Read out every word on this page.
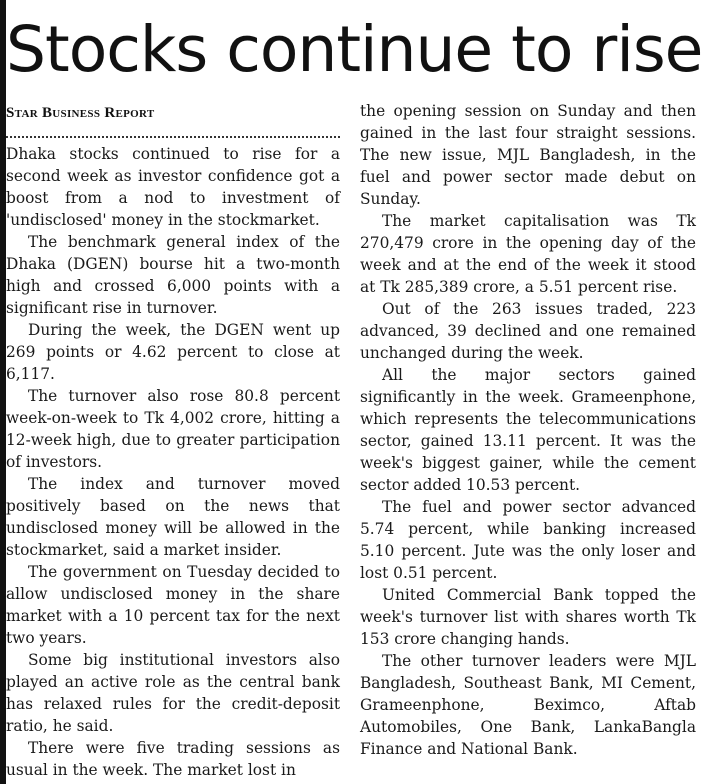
Stocks continue to rise
Star Business Report

Dhaka stocks continued to rise for a second week as investor confidence got a boost from a nod to investment of 'undisclosed' money in the stockmarket.

The benchmark general index of the Dhaka (DGEN) bourse hit a two-month high and crossed 6,000 points with a significant rise in turnover.

During the week, the DGEN went up 269 points or 4.62 percent to close at 6,117.

The turnover also rose 80.8 percent week-on-week to Tk 4,002 crore, hitting a 12-week high, due to greater participation of investors.

The index and turnover moved positively based on the news that undisclosed money will be allowed in the stockmarket, said a market insider.

The government on Tuesday decided to allow undisclosed money in the share market with a 10 percent tax for the next two years.

Some big institutional investors also played an active role as the central bank has relaxed rules for the credit-deposit ratio, he said.

There were five trading sessions as usual in the week. The market lost in

the opening session on Sunday and then gained in the last four straight sessions. The new issue, MJL Bangladesh, in the fuel and power sector made debut on Sunday.

The market capitalisation was Tk 270,479 crore in the opening day of the week and at the end of the week it stood at Tk 285,389 crore, a 5.51 percent rise.

Out of the 263 issues traded, 223 advanced, 39 declined and one remained unchanged during the week.

All the major sectors gained significantly in the week. Grameenphone, which represents the telecommunications sector, gained 13.11 percent. It was the week's biggest gainer, while the cement sector added 10.53 percent.

The fuel and power sector advanced 5.74 percent, while banking increased 5.10 percent. Jute was the only loser and lost 0.51 percent.

United Commercial Bank topped the week's turnover list with shares worth Tk 153 crore changing hands.

The other turnover leaders were MJL Bangladesh, Southeast Bank, MI Cement, Grameenphone, Beximco, Aftab Automobiles, One Bank, LankaBangla Finance and National Bank.
